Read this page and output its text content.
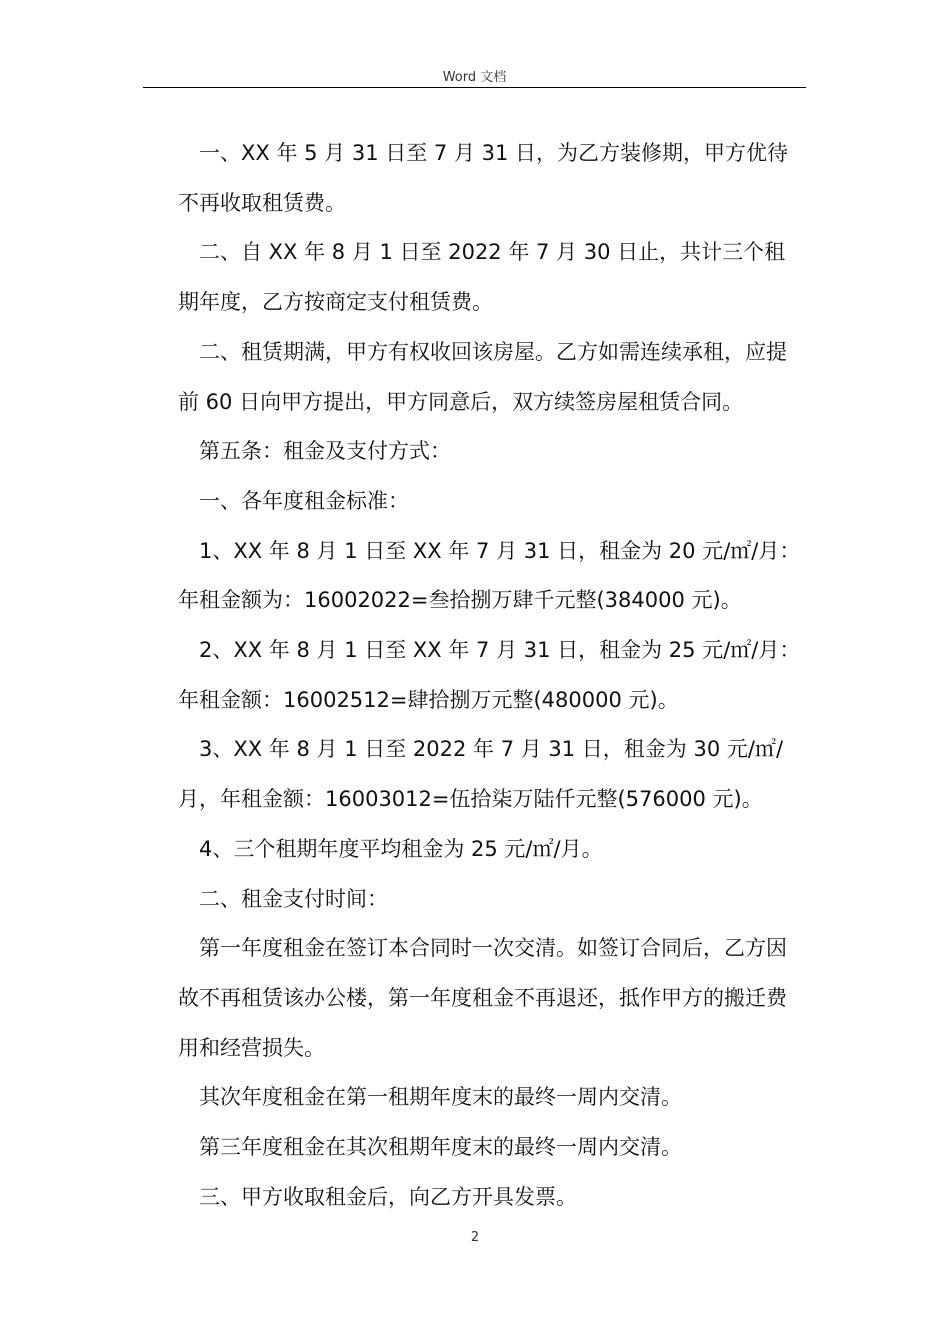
Word 文档

一、XX 年 5 月 31 日至 7 月 31 日，为乙方装修期，甲方优待不再收取租赁费。

二、自 XX 年 8 月 1 日至 2022 年 7 月 30 日止，共计三个租期年度，乙方按商定支付租赁费。

二、租赁期满，甲方有权收回该房屋。乙方如需连续承租，应提前 60 日向甲方提出，甲方同意后，双方续签房屋租赁合同。

第五条：租金及支付方式：

一、各年度租金标准：

1、XX 年 8 月 1 日至 XX 年 7 月 31 日，租金为 20 元/㎡/月：年租金额为：16002022=叁拾捌万肆千元整(384000 元)。

2、XX 年 8 月 1 日至 XX 年 7 月 31 日，租金为 25 元/㎡/月：年租金额：16002512=肆拾捌万元整(480000 元)。

3、XX 年 8 月 1 日至 2022 年 7 月 31 日，租金为 30 元/㎡/月，年租金额：16003012=伍拾柒万陆仟元整(576000 元)。

4、三个租期年度平均租金为 25 元/㎡/月。

二、租金支付时间：

第一年度租金在签订本合同时一次交清。如签订合同后，乙方因故不再租赁该办公楼，第一年度租金不再退还，抵作甲方的搬迁费用和经营损失。

其次年度租金在第一租期年度末的最终一周内交清。

第三年度租金在其次租期年度末的最终一周内交清。

三、甲方收取租金后，向乙方开具发票。

2
